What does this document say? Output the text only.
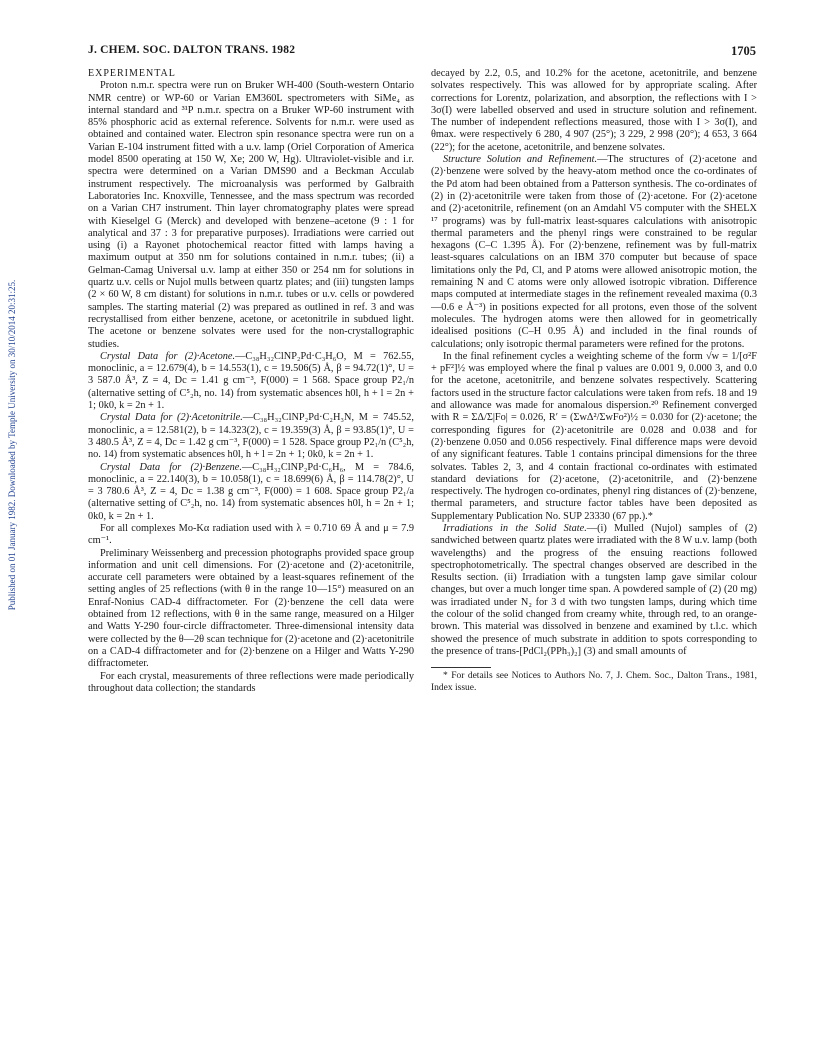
J. CHEM. SOC. DALTON TRANS. 1982	1705
Published on 01 January 1982. Downloaded by Temple University on 30/10/2014 20:31:25.

EXPERIMENTAL

Proton n.m.r. spectra were run on Bruker WH-400 (South-western Ontario NMR centre) or WP-60 or Varian EM360L spectrometers with SiMe₄ as internal standard and ³¹P n.m.r. spectra on a Bruker WP-60 instrument with 85% phosphoric acid as external reference. Solvents for n.m.r. were used as obtained and contained water. Electron spin resonance spectra were run on a Varian E-104 instrument fitted with a u.v. lamp (Oriel Corporation of America model 8500 operating at 150 W, Xe; 200 W, Hg). Ultraviolet-visible and i.r. spectra were determined on a Varian DMS90 and a Beckman Acculab instrument respectively. The microanalysis was performed by Galbraith Laboratories Inc. Knoxville, Tennessee, and the mass spectrum was recorded on a Varian CH7 instrument. Thin layer chromatography plates were spread with Kieselgel G (Merck) and developed with benzene–acetone (9 : 1 for analytical and 37 : 3 for preparative purposes). Irradiations were carried out using (i) a Rayonet photochemical reactor fitted with lamps having a maximum output at 350 nm for solutions contained in n.m.r. tubes; (ii) a Gelman-Camag Universal u.v. lamp at either 350 or 254 nm for solutions in quartz u.v. cells or Nujol mulls between quartz plates; and (iii) tungsten lamps (2 × 60 W, 8 cm distant) for solutions in n.m.r. tubes or u.v. cells or powdered samples. The starting material (2) was prepared as outlined in ref. 3 and was recrystallised from either benzene, acetone, or acetonitrile in subdued light. The acetone or benzene solvates were used for the non-crystallographic studies.

Crystal Data for (2)·Acetone.—C₃₈H₃₂ClNP₂Pd·C₃H₆O, M = 762.55, monoclinic, a = 12.679(4), b = 14.553(1), c = 19.506(5) Å, β = 94.72(1)°, U = 3 587.0 Å³, Z = 4, Dc = 1.41 g cm⁻³, F(000) = 1 568. Space group P2₁/n (alternative setting of C⁵₂h, no. 14) from systematic absences h0l, h + l = 2n + 1; 0k0, k = 2n + 1.

Crystal Data for (2)·Acetonitrile.—C₃₈H₃₂ClNP₂Pd·C₂H₃N, M = 745.52, monoclinic, a = 12.581(2), b = 14.323(2), c = 19.359(3) Å, β = 93.85(1)°, U = 3 480.5 Å³, Z = 4, Dc = 1.42 g cm⁻³, F(000) = 1 528. Space group P2₁/n (C⁵₂h, no. 14) from systematic absences h0l, h + l = 2n + 1; 0k0, k = 2n + 1.

Crystal Data for (2)·Benzene.—C₃₈H₃₂ClNP₂Pd·C₆H₆, M = 784.6, monoclinic, a = 22.140(3), b = 10.058(1), c = 18.699(6) Å, β = 114.78(2)°, U = 3 780.6 Å³, Z = 4, Dc = 1.38 g cm⁻³, F(000) = 1 608. Space group P2₁/a (alternative setting of C⁵₂h, no. 14) from systematic absences h0l, h = 2n + 1; 0k0, k = 2n + 1.

For all complexes Mo-Kα radiation used with λ = 0.710 69 Å and μ = 7.9 cm⁻¹.

Preliminary Weissenberg and precession photographs provided space group information and unit cell dimensions. For (2)·acetone and (2)·acetonitrile, accurate cell parameters were obtained by a least-squares refinement of the setting angles of 25 reflections (with θ in the range 10—15°) measured on an Enraf-Nonius CAD-4 diffractometer. For (2)·benzene the cell data were obtained from 12 reflections, with θ in the same range, measured on a Hilger and Watts Y-290 four-circle diffractometer. Three-dimensional intensity data were collected by the θ—2θ scan technique for (2)·acetone and (2)·acetonitrile on a CAD-4 diffractometer and for (2)·benzene on a Hilger and Watts Y-290 diffractometer.

For each crystal, measurements of three reflections were made periodically throughout data collection; the standards

decayed by 2.2, 0.5, and 10.2% for the acetone, acetonitrile, and benzene solvates respectively. This was allowed for by appropriate scaling. After corrections for Lorentz, polarization, and absorption, the reflections with I > 3σ(I) were labelled observed and used in structure solution and refinement. The number of independent reflections measured, those with I > 3σ(I), and θmax. were respectively 6 280, 4 907 (25°); 3 229, 2 998 (20°); 4 653, 3 664 (22°); for the acetone, acetonitrile, and benzene solvates.

Structure Solution and Refinement.—The structures of (2)·acetone and (2)·benzene were solved by the heavy-atom method once the co-ordinates of the Pd atom had been obtained from a Patterson synthesis. The co-ordinates of (2) in (2)·acetonitrile were taken from those of (2)·acetone. For (2)·acetone and (2)·acetonitrile, refinement (on an Amdahl V5 computer with the SHELX ¹⁷ programs) was by full-matrix least-squares calculations with anisotropic thermal parameters and the phenyl rings were constrained to be regular hexagons (C–C 1.395 Å). For (2)·benzene, refinement was by full-matrix least-squares calculations on an IBM 370 computer but because of space limitations only the Pd, Cl, and P atoms were allowed anisotropic motion, the remaining N and C atoms were only allowed isotropic vibration. Difference maps computed at intermediate stages in the refinement revealed maxima (0.3—0.6 e Å⁻³) in positions expected for all protons, even those of the solvent molecules. The hydrogen atoms were then allowed for in geometrically idealised positions (C–H 0.95 Å) and included in the final rounds of calculations; only isotropic thermal parameters were refined for the protons.

In the final refinement cycles a weighting scheme of the form √w = 1/[σ²F + pF²]½ was employed where the final p values are 0.001 9, 0.000 3, and 0.0 for the acetone, acetonitrile, and benzene solvates respectively. Scattering factors used in the structure factor calculations were taken from refs. 18 and 19 and allowance was made for anomalous dispersion.²⁰ Refinement converged with R = ΣΔ/Σ|Fo| = 0.026, R′ = (ΣwΔ²/ΣwFo²)½ = 0.030 for (2)·acetone; the corresponding figures for (2)·acetonitrile are 0.028 and 0.038 and for (2)·benzene 0.050 and 0.056 respectively. Final difference maps were devoid of any significant features. Table 1 contains principal dimensions for the three solvates. Tables 2, 3, and 4 contain fractional co-ordinates with estimated standard deviations for (2)·acetone, (2)·acetonitrile, and (2)·benzene respectively. The hydrogen co-ordinates, phenyl ring distances of (2)·benzene, thermal parameters, and structure factor tables have been deposited as Supplementary Publication No. SUP 23330 (67 pp.).*

Irradiations in the Solid State.—(i) Mulled (Nujol) samples of (2) sandwiched between quartz plates were irradiated with the 8 W u.v. lamp (both wavelengths) and the progress of the ensuing reactions followed spectrophotometrically. The spectral changes observed are described in the Results section. (ii) Irradiation with a tungsten lamp gave similar colour changes, but over a much longer time span. A powdered sample of (2) (20 mg) was irradiated under N₂ for 3 d with two tungsten lamps, during which time the colour of the solid changed from creamy white, through red, to an orange-brown. This material was dissolved in benzene and examined by t.l.c. which showed the presence of much substrate in addition to spots corresponding to the presence of trans-[PdCl₂(PPh₃)₂] (3) and small amounts of

* For details see Notices to Authors No. 7, J. Chem. Soc., Dalton Trans., 1981, Index issue.
